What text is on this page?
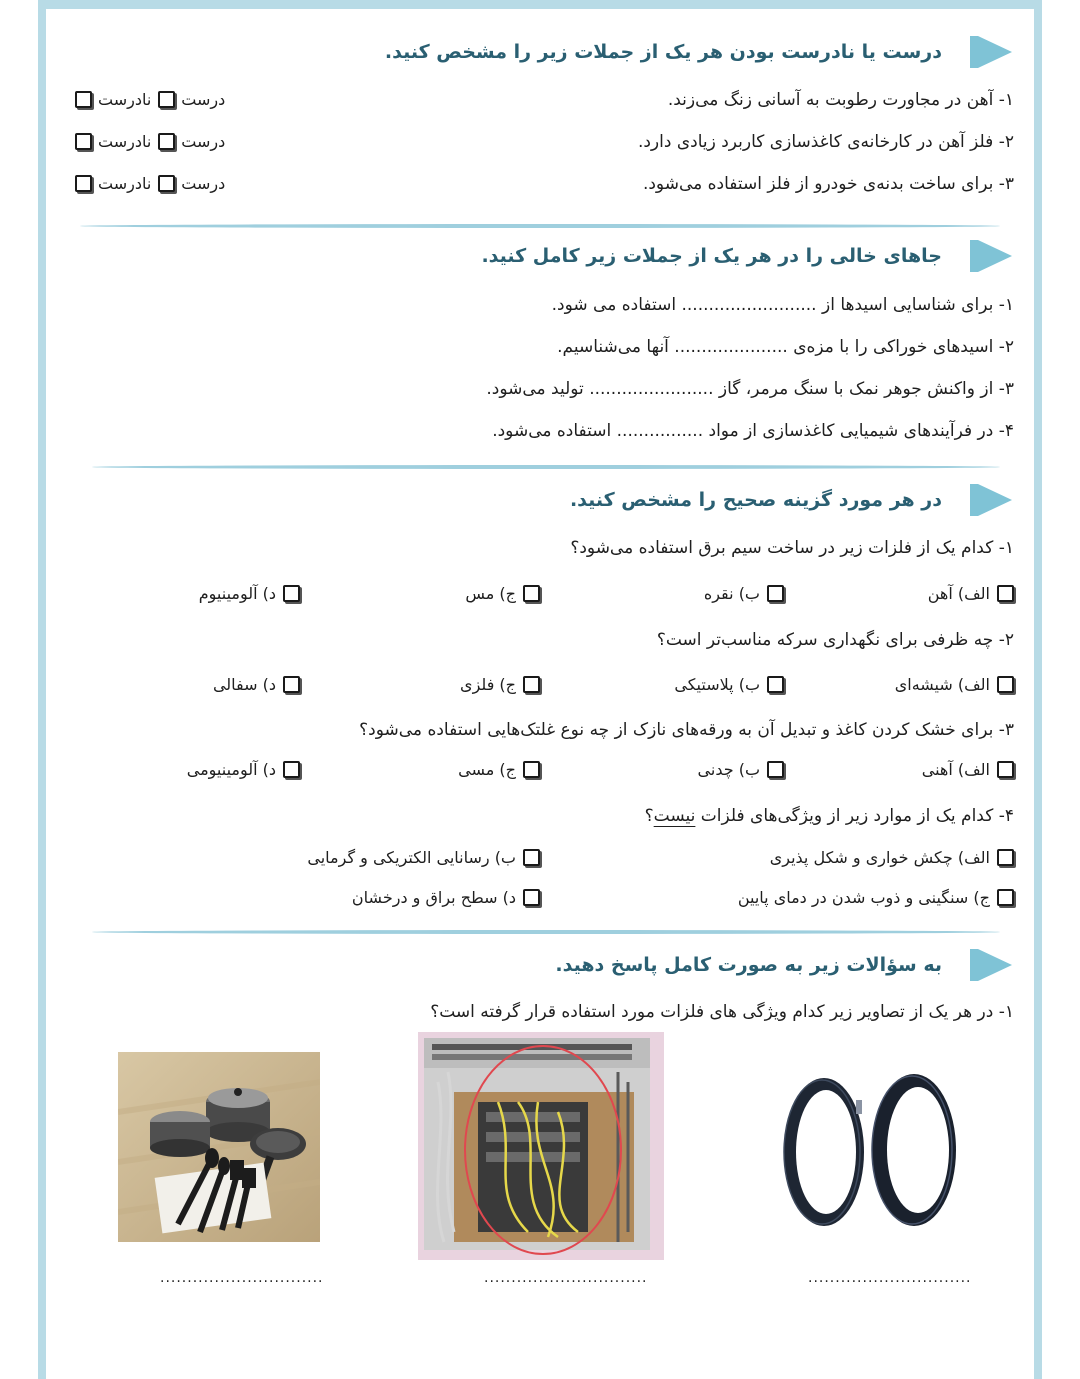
درست یا نادرست بودن هر یک از جملات زیر را مشخص کنید.
۱- آهن در مجاورت رطوبت به آسانی زنگ می‌زند.
درست
نادرست
۲- فلز آهن در کارخانه‌ی کاغذسازی کاربرد زیادی دارد.
درست
نادرست
۳- برای ساخت بدنه‌ی خودرو از فلز استفاده می‌شود.
درست
نادرست
جاهای خالی را در هر یک از جملات زیر کامل کنید.
۱- برای شناسایی اسیدها از ......................... استفاده می شود.
۲- اسیدهای خوراکی را با مزه‌ی ..................... آنها می‌شناسیم.
۳- از واکنش جوهر نمک با سنگ مرمر، گاز ....................... تولید می‌شود.
۴- در فرآیندهای شیمیایی کاغذسازی از مواد ................ استفاده می‌شود.
در هر مورد گزینه صحیح را مشخص کنید.
۱- کدام یک از فلزات زیر در ساخت سیم برق استفاده می‌شود؟
الف) آهن
ب) نقره
ج) مس
د) آلومینیوم
۲- چه ظرفی برای نگهداری سرکه مناسب‌تر است؟
الف) شیشه‌ای
ب) پلاستیکی
ج) فلزی
د) سفالی
۳- برای خشک کردن کاغذ و تبدیل آن به ورقه‌های نازک از چه نوع غلتک‌هایی استفاده می‌شود؟
الف) آهنی
ب) چدنی
ج) مسی
د) آلومینیومی
۴- کدام یک از موارد زیر از ویژگی‌های فلزات نیست؟
الف) چکش خواری و شکل پذیری
ب) رسانایی الکتریکی و گرمایی
ج) سنگینی و ذوب شدن در دمای پایین
د) سطح براق و درخشان
به سؤالات زیر به صورت کامل پاسخ دهید.
۱- در هر یک از تصاویر زیر کدام ویژگی های فلزات مورد استفاده قرار گرفته است؟
..............................	..............................	..............................
